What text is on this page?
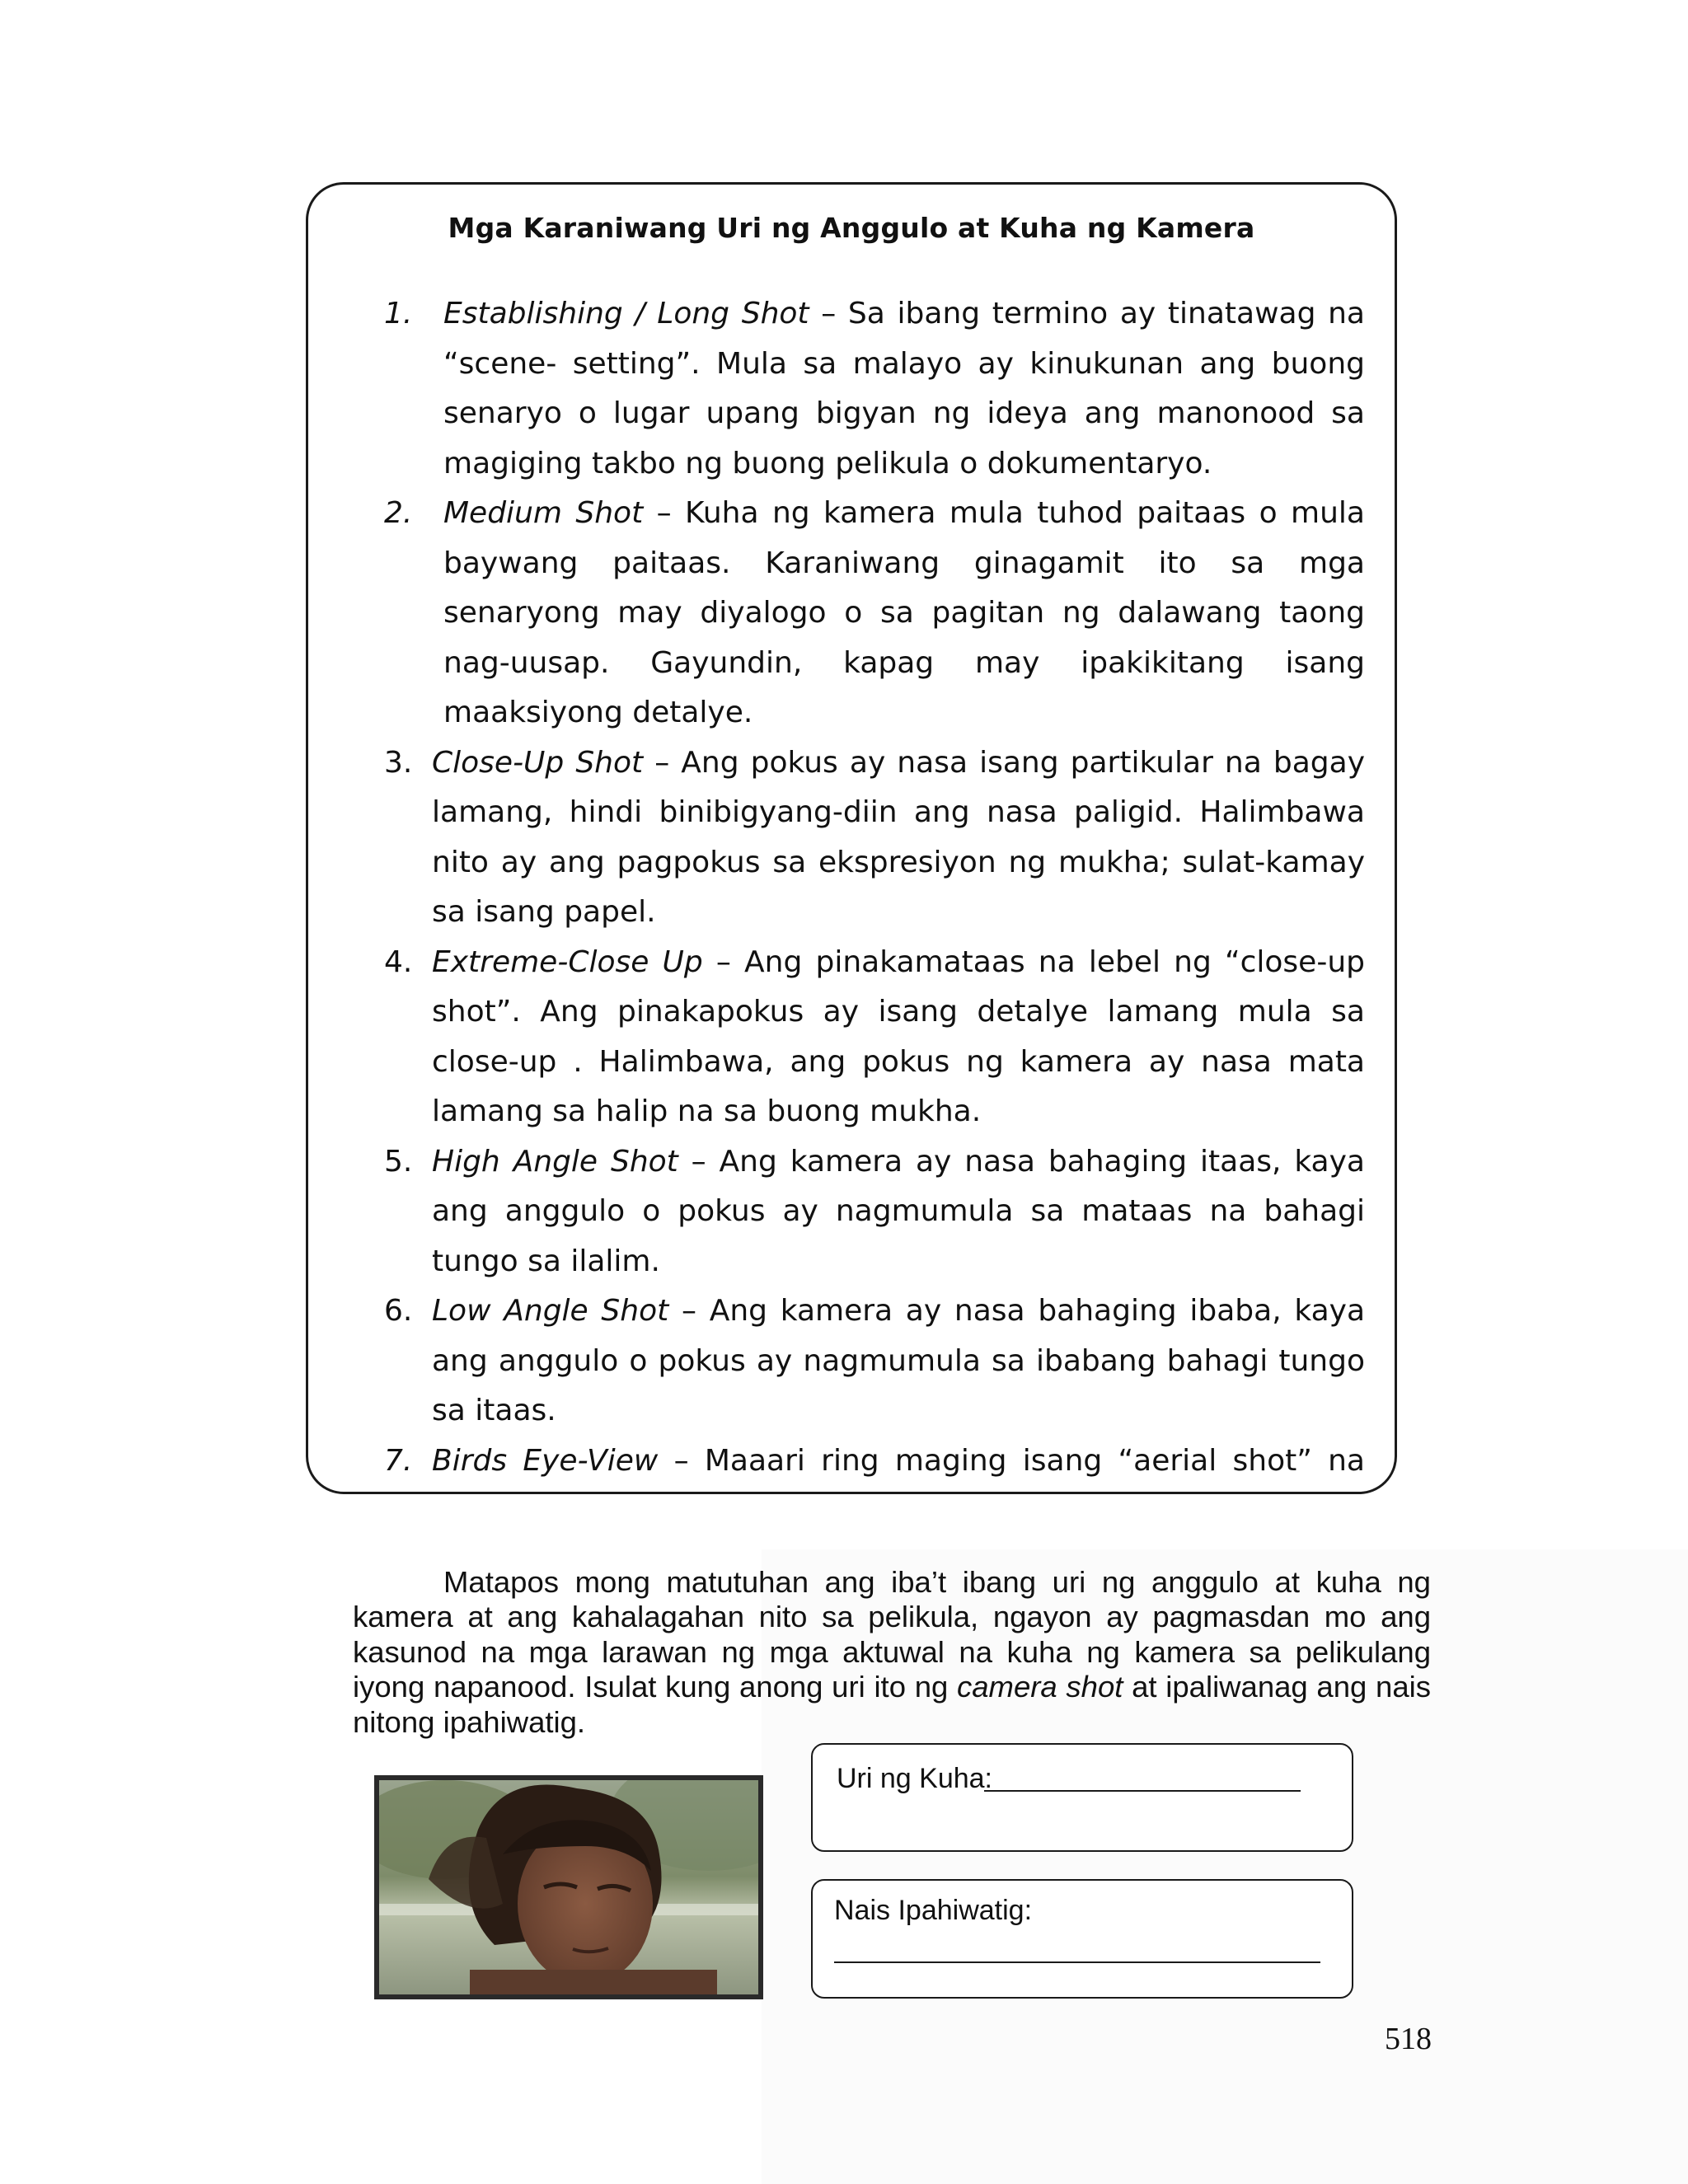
Mga Karaniwang Uri ng Anggulo at Kuha ng Kamera
1. Establishing / Long Shot – Sa ibang termino ay tinatawag na “scene- setting”. Mula sa malayo ay kinukunan ang buong senaryo o lugar upang bigyan ng ideya ang manonood sa magiging takbo ng buong pelikula o dokumentaryo.

2. Medium Shot – Kuha ng kamera mula tuhod paitaas o mula baywang paitaas. Karaniwang ginagamit ito sa mga senaryong may diyalogo o sa pagitan ng dalawang taong nag-uusap. Gayundin, kapag may ipakikitang isang maaksiyong detalye.

3. Close-Up Shot – Ang pokus ay nasa isang partikular na bagay lamang, hindi binibigyang-diin ang nasa paligid. Halimbawa nito ay ang pagpokus sa ekspresiyon ng mukha; sulat-kamay sa isang papel.

4. Extreme-Close Up – Ang pinakamataas na lebel ng “close-up shot”. Ang pinakapokus ay isang detalye lamang mula sa close-up . Halimbawa, ang pokus ng kamera ay nasa mata lamang sa halip na sa buong mukha.

5. High Angle Shot – Ang kamera ay nasa bahaging itaas, kaya ang anggulo o pokus ay nagmumula sa mataas na bahagi tungo sa ilalim.

6. Low Angle Shot – Ang kamera ay nasa bahaging ibaba, kaya ang anggulo o pokus ay nagmumula sa ibabang bahagi tungo sa itaas.

7. Birds Eye-View – Maaari ring maging isang “aerial shot” na

Matapos mong matutuhan ang iba’t ibang uri ng anggulo at kuha ng kamera at ang kahalagahan nito sa pelikula, ngayon ay pagmasdan mo ang kasunod na mga larawan ng mga aktuwal na kuha ng kamera sa pelikulang iyong napanood. Isulat kung anong uri ito ng camera shot at ipaliwanag ang nais nitong ipahiwatig.

Uri ng Kuha:
Nais Ipahiwatig:
518
